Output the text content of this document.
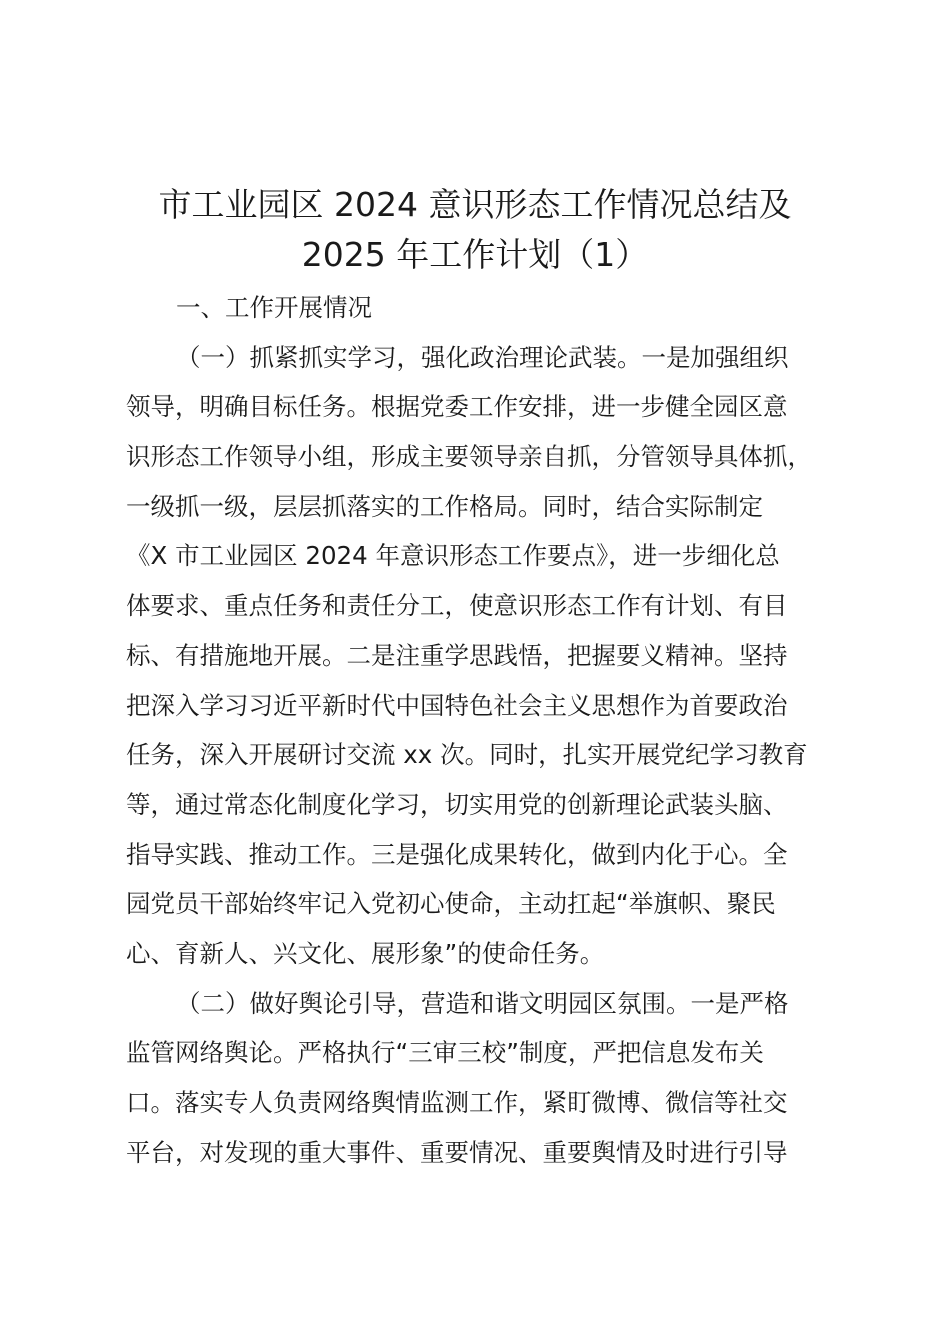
市工业园区 2024 意识形态工作情况总结及
2025 年工作计划（1）
一、工作开展情况
（一）抓紧抓实学习，强化政治理论武装。一是加强组织
领导，明确目标任务。根据党委工作安排，进一步健全园区意
识形态工作领导小组，形成主要领导亲自抓，分管领导具体抓，
一级抓一级，层层抓落实的工作格局。同时，结合实际制定
《X 市工业园区 2024 年意识形态工作要点》，进一步细化总
体要求、重点任务和责任分工，使意识形态工作有计划、有目
标、有措施地开展。二是注重学思践悟，把握要义精神。坚持
把深入学习习近平新时代中国特色社会主义思想作为首要政治
任务，深入开展研讨交流 xx 次。同时，扎实开展党纪学习教育
等，通过常态化制度化学习，切实用党的创新理论武装头脑、
指导实践、推动工作。三是强化成果转化，做到内化于心。全
园党员干部始终牢记入党初心使命，主动扛起“举旗帜、聚民
心、育新人、兴文化、展形象”的使命任务。
（二）做好舆论引导，营造和谐文明园区氛围。一是严格
监管网络舆论。严格执行“三审三校”制度，严把信息发布关
口。落实专人负责网络舆情监测工作，紧盯微博、微信等社交
平台，对发现的重大事件、重要情况、重要舆情及时进行引导
